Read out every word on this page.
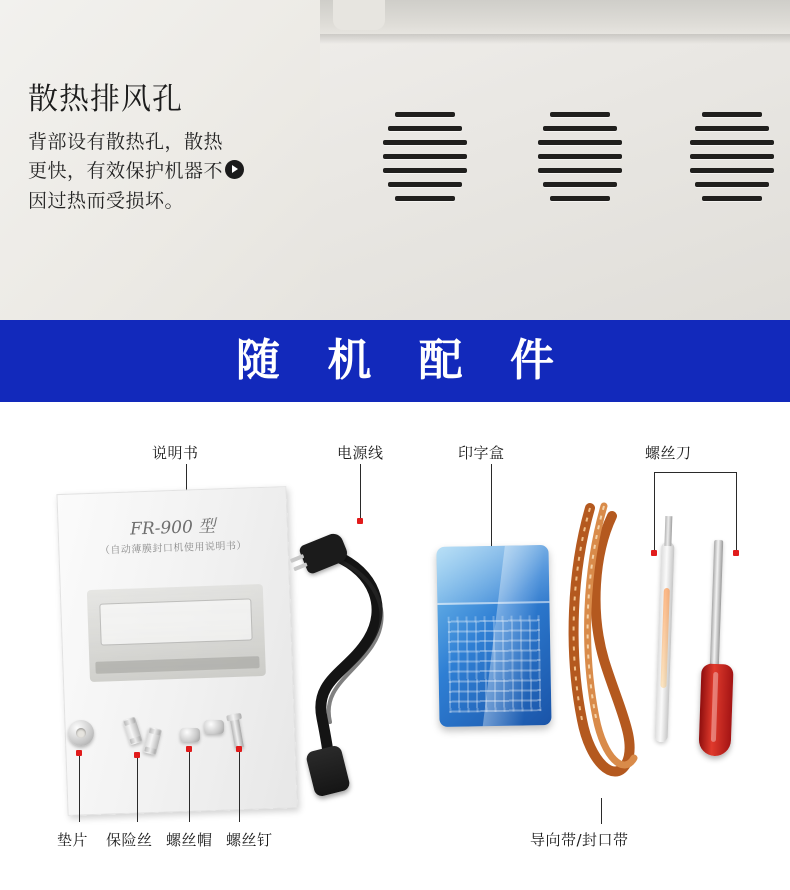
散热排风孔

背部设有散热孔，散热
更快，有效保护机器不
因过热而受损坏。

随 机 配 件
说明书	电源线	印字盒	螺丝刀
FR-900 型
（自动薄膜封口机使用说明书）
垫片 保险丝 螺丝帽 螺丝钉	导向带/封口带
